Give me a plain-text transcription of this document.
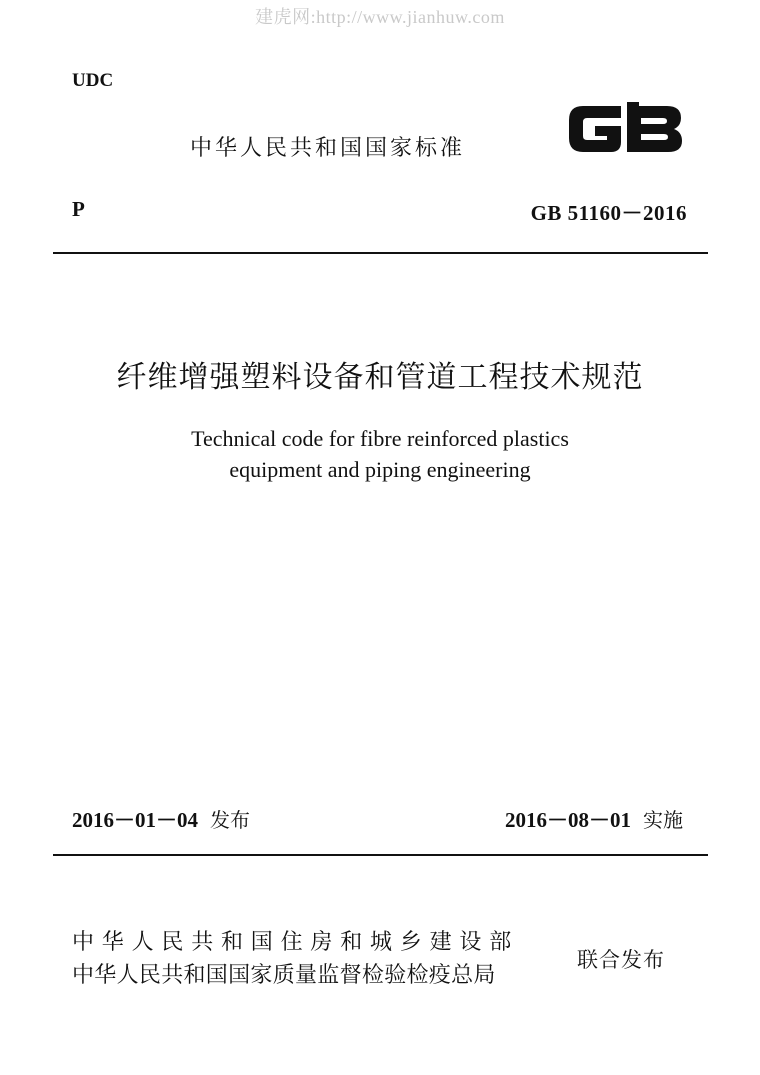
建虎网:http://www.jianhuw.com
UDC
中华人民共和国国家标准
P	GB 51160－2016
纤维增强塑料设备和管道工程技术规范
Technical code for fibre reinforced plastics
equipment and piping engineering
2016－01－04 发布	2016－08－01 实施
中华人民共和国住房和城乡建设部
中华人民共和国国家质量监督检验检疫总局
联合发布
